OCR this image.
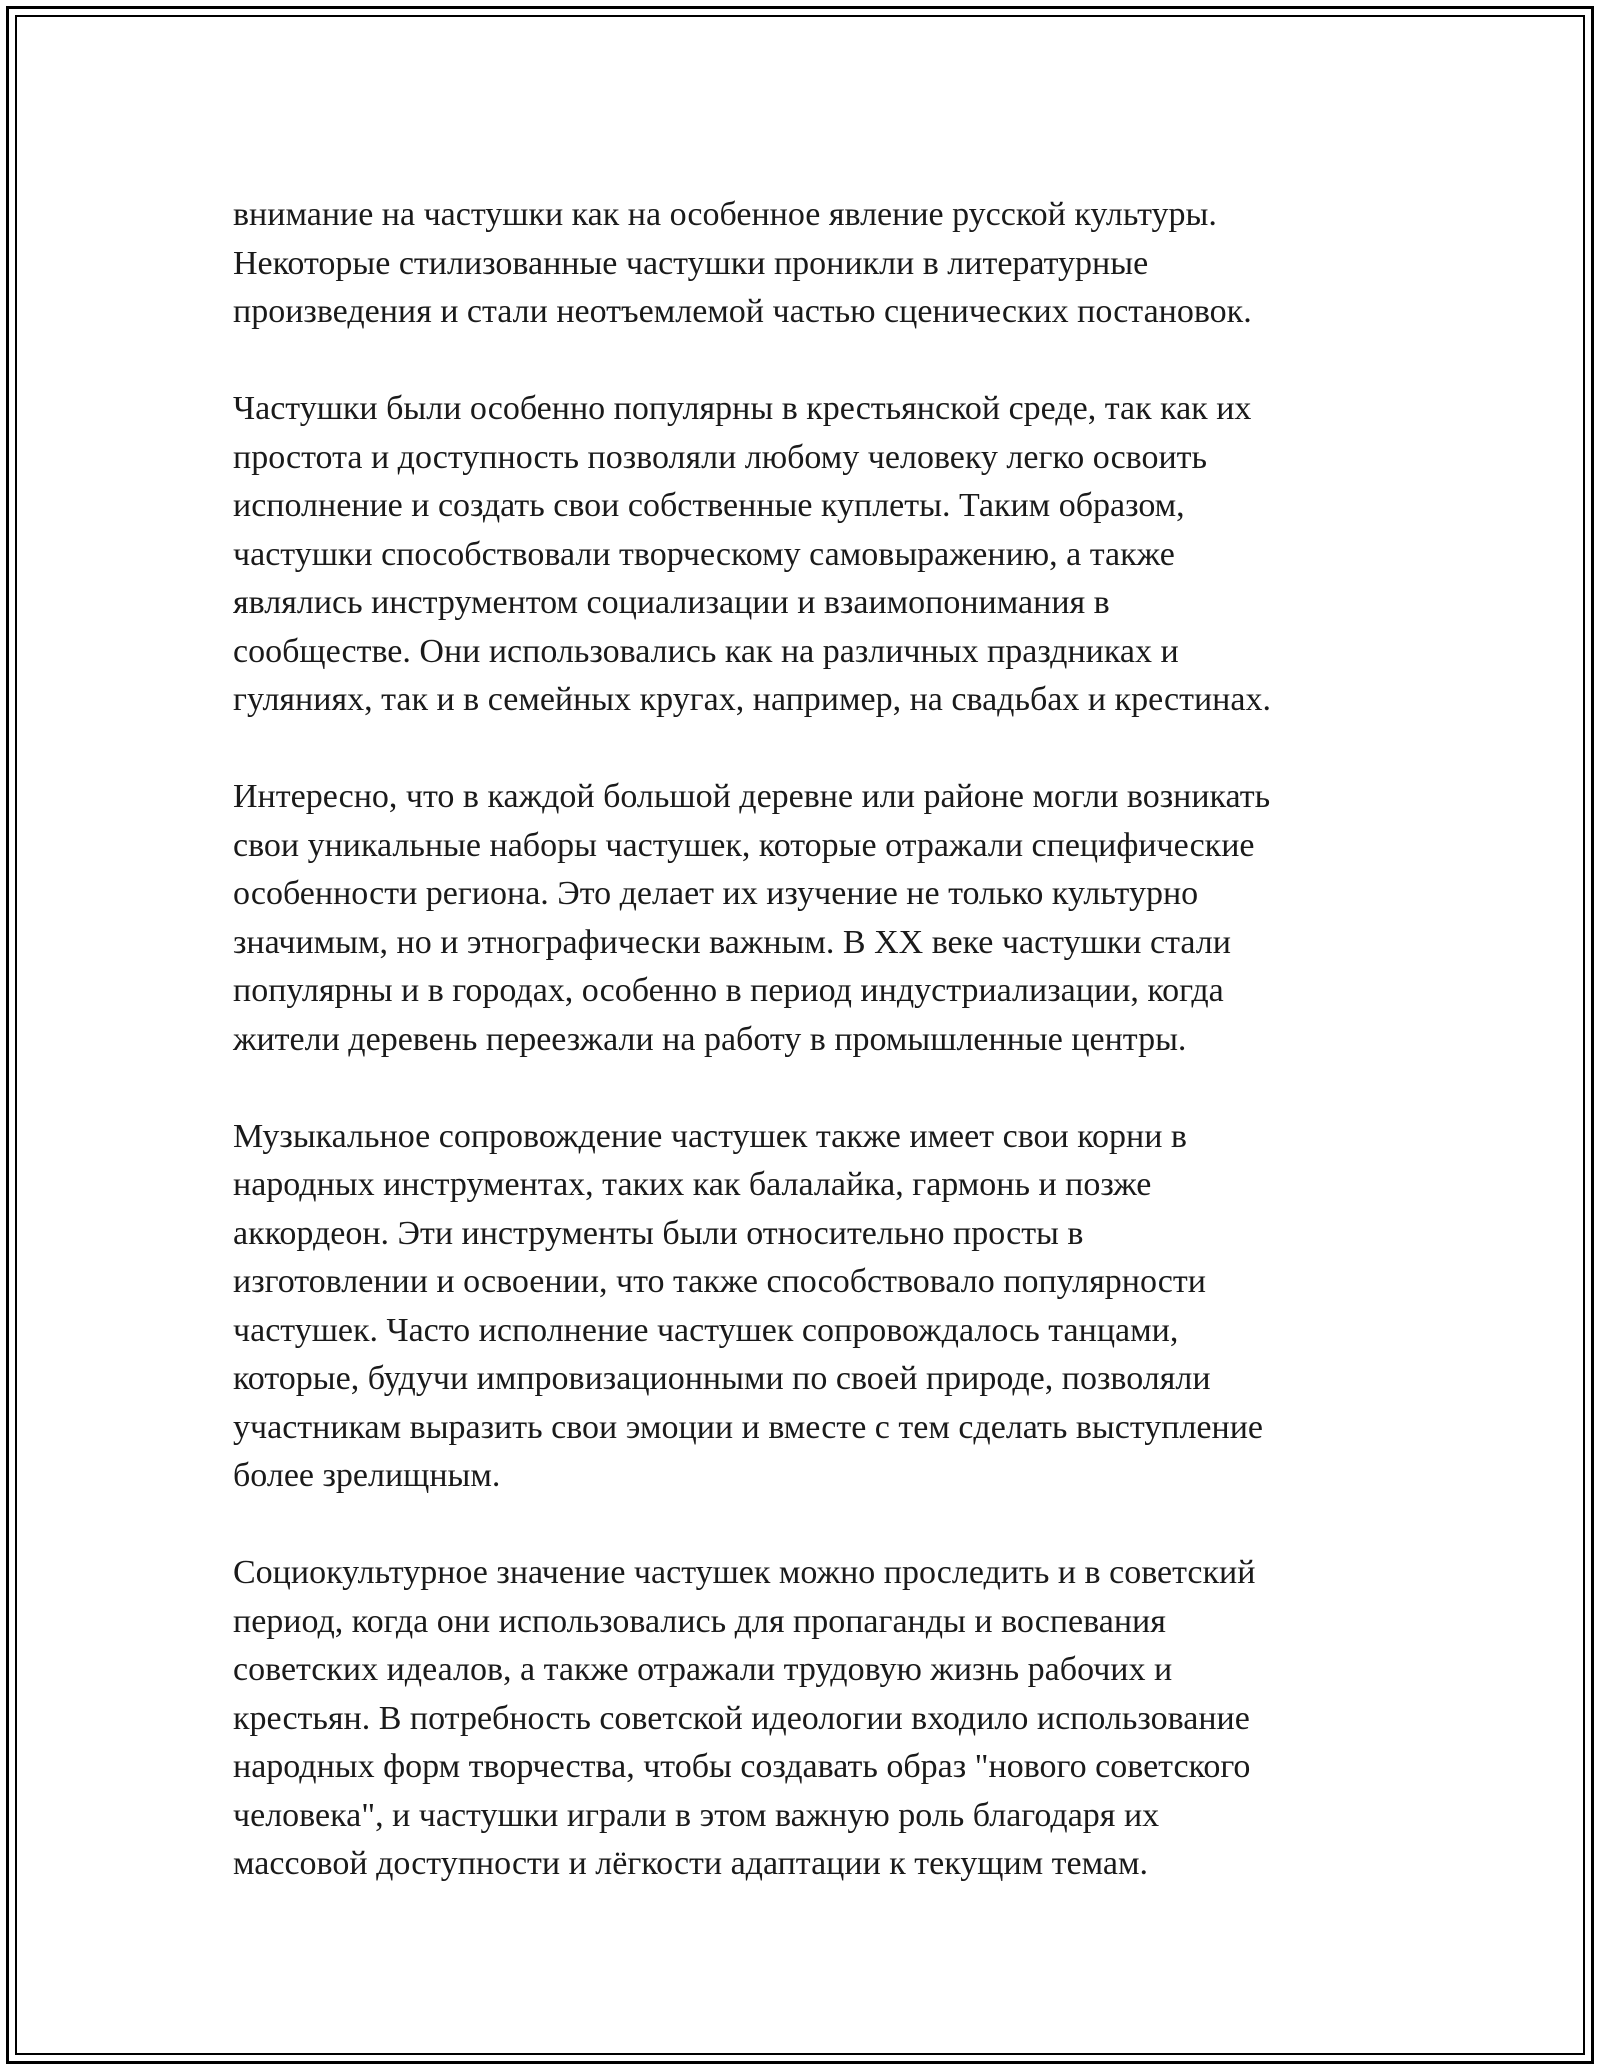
внимание на частушки как на особенное явление русской культуры.
Некоторые стилизованные частушки проникли в литературные
произведения и стали неотъемлемой частью сценических постановок.

Частушки были особенно популярны в крестьянской среде, так как их
простота и доступность позволяли любому человеку легко освоить
исполнение и создать свои собственные куплеты. Таким образом,
частушки способствовали творческому самовыражению, а также
являлись инструментом социализации и взаимопонимания в
сообществе. Они использовались как на различных праздниках и
гуляниях, так и в семейных кругах, например, на свадьбах и крестинах.

Интересно, что в каждой большой деревне или районе могли возникать
свои уникальные наборы частушек, которые отражали специфические
особенности региона. Это делает их изучение не только культурно
значимым, но и этнографически важным. В XX веке частушки стали
популярны и в городах, особенно в период индустриализации, когда
жители деревень переезжали на работу в промышленные центры.

Музыкальное сопровождение частушек также имеет свои корни в
народных инструментах, таких как балалайка, гармонь и позже
аккордеон. Эти инструменты были относительно просты в
изготовлении и освоении, что также способствовало популярности
частушек. Часто исполнение частушек сопровождалось танцами,
которые, будучи импровизационными по своей природе, позволяли
участникам выразить свои эмоции и вместе с тем сделать выступление
более зрелищным.

Социокультурное значение частушек можно проследить и в советский
период, когда они использовались для пропаганды и воспевания
советских идеалов, а также отражали трудовую жизнь рабочих и
крестьян. В потребность советской идеологии входило использование
народных форм творчества, чтобы создавать образ "нового советского
человека", и частушки играли в этом важную роль благодаря их
массовой доступности и лёгкости адаптации к текущим темам.
